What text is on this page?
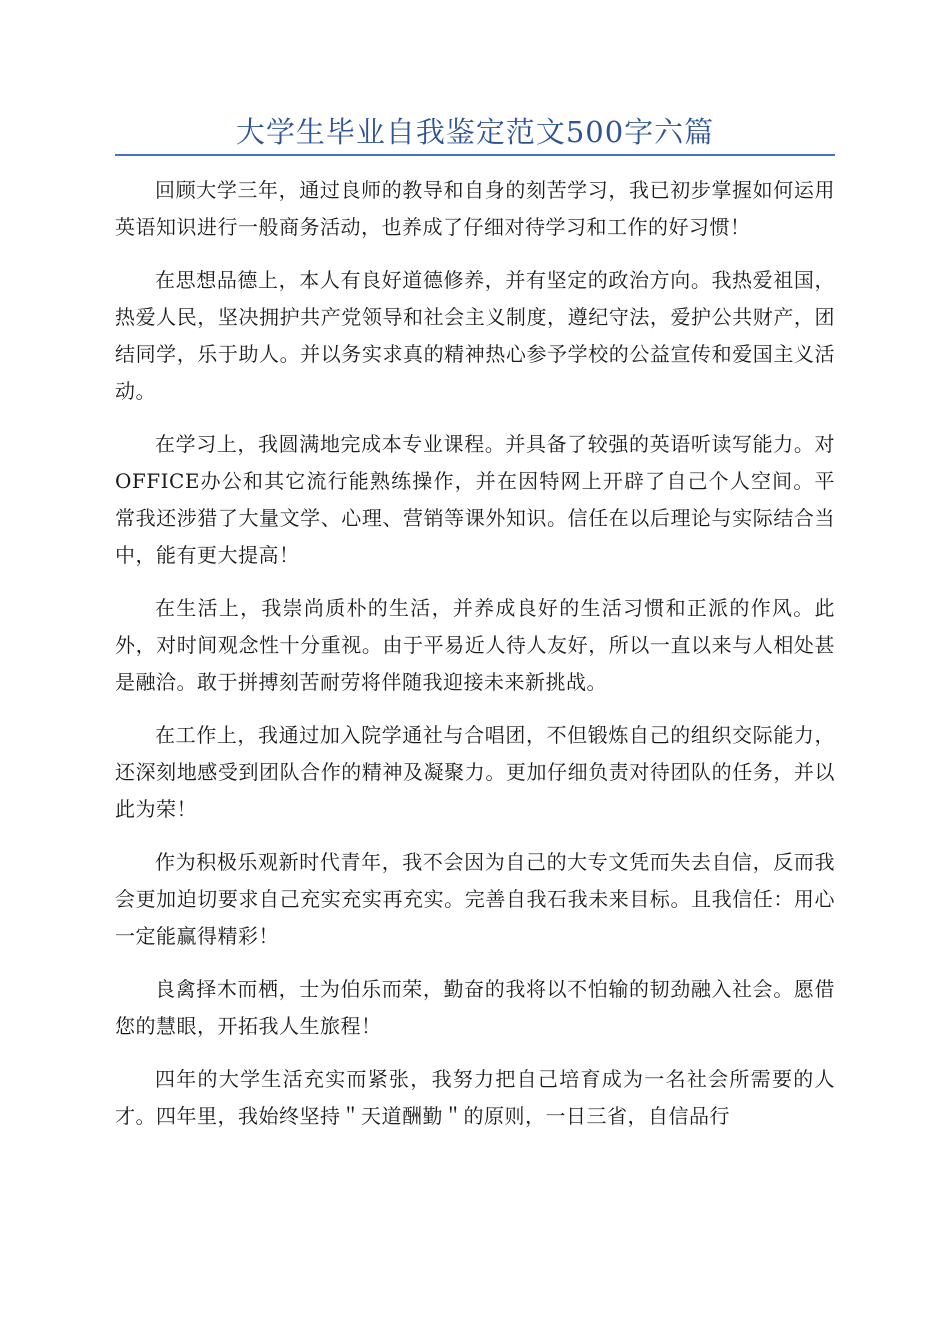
大学生毕业自我鉴定范文500字六篇

回顾大学三年，通过良师的教导和自身的刻苦学习，我已初步掌握如何运用英语知识进行一般商务活动，也养成了仔细对待学习和工作的好习惯！

在思想品德上，本人有良好道德修养，并有坚定的政治方向。我热爱祖国，热爱人民，坚决拥护共产党领导和社会主义制度，遵纪守法，爱护公共财产，团结同学，乐于助人。并以务实求真的精神热心参予学校的公益宣传和爱国主义活动。

在学习上，我圆满地完成本专业课程。并具备了较强的英语听读写能力。对OFFICE办公和其它流行能熟练操作，并在因特网上开辟了自己个人空间。平常我还涉猎了大量文学、心理、营销等课外知识。信任在以后理论与实际结合当中，能有更大提高！

在生活上，我崇尚质朴的生活，并养成良好的生活习惯和正派的作风。此外，对时间观念性十分重视。由于平易近人待人友好，所以一直以来与人相处甚是融洽。敢于拼搏刻苦耐劳将伴随我迎接未来新挑战。

在工作上，我通过加入院学通社与合唱团，不但锻炼自己的组织交际能力，还深刻地感受到团队合作的精神及凝聚力。更加仔细负责对待团队的任务，并以此为荣！

作为积极乐观新时代青年，我不会因为自己的大专文凭而失去自信，反而我会更加迫切要求自己充实充实再充实。完善自我石我未来目标。且我信任：用心一定能赢得精彩！

良禽择木而栖，士为伯乐而荣，勤奋的我将以不怕输的韧劲融入社会。愿借您的慧眼，开拓我人生旅程！

四年的大学生活充实而紧张，我努力把自己培育成为一名社会所需要的人才。四年里，我始终坚持＂天道酬勤＂的原则，一日三省，自信品行
